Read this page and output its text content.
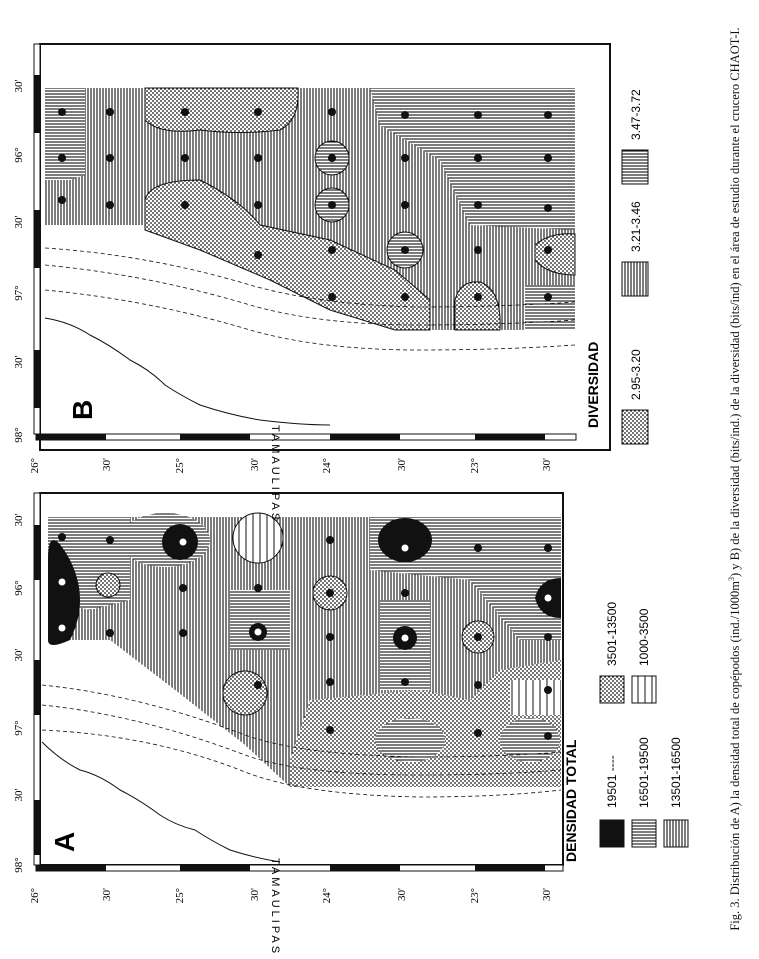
30'
96°
30'
97°
30'
98°
26°	30'	25°	30'	24°	30'	23°	30'
A
TAMAULIPAS
DENSIDAD TOTAL 19501 ---- 16501-19500 13501-16500
3501-13500 1000-3500
30'
96°
30'
97°
30'
98°
26°	30'	25°	30'	24°	30'	23°	30'
B
TAMAULIPAS
DIVERSIDAD 2.95-3.20
3.21-3.46
3.47-3.72
Fig. 3. Distribución de A) la densidad total de copépodos $(ind./1000m^3)$ y B) de la diversidad (bits/ind.) de la diversidad (bits/ind) en el área de estudio durante el crucero CHAOT-I.
